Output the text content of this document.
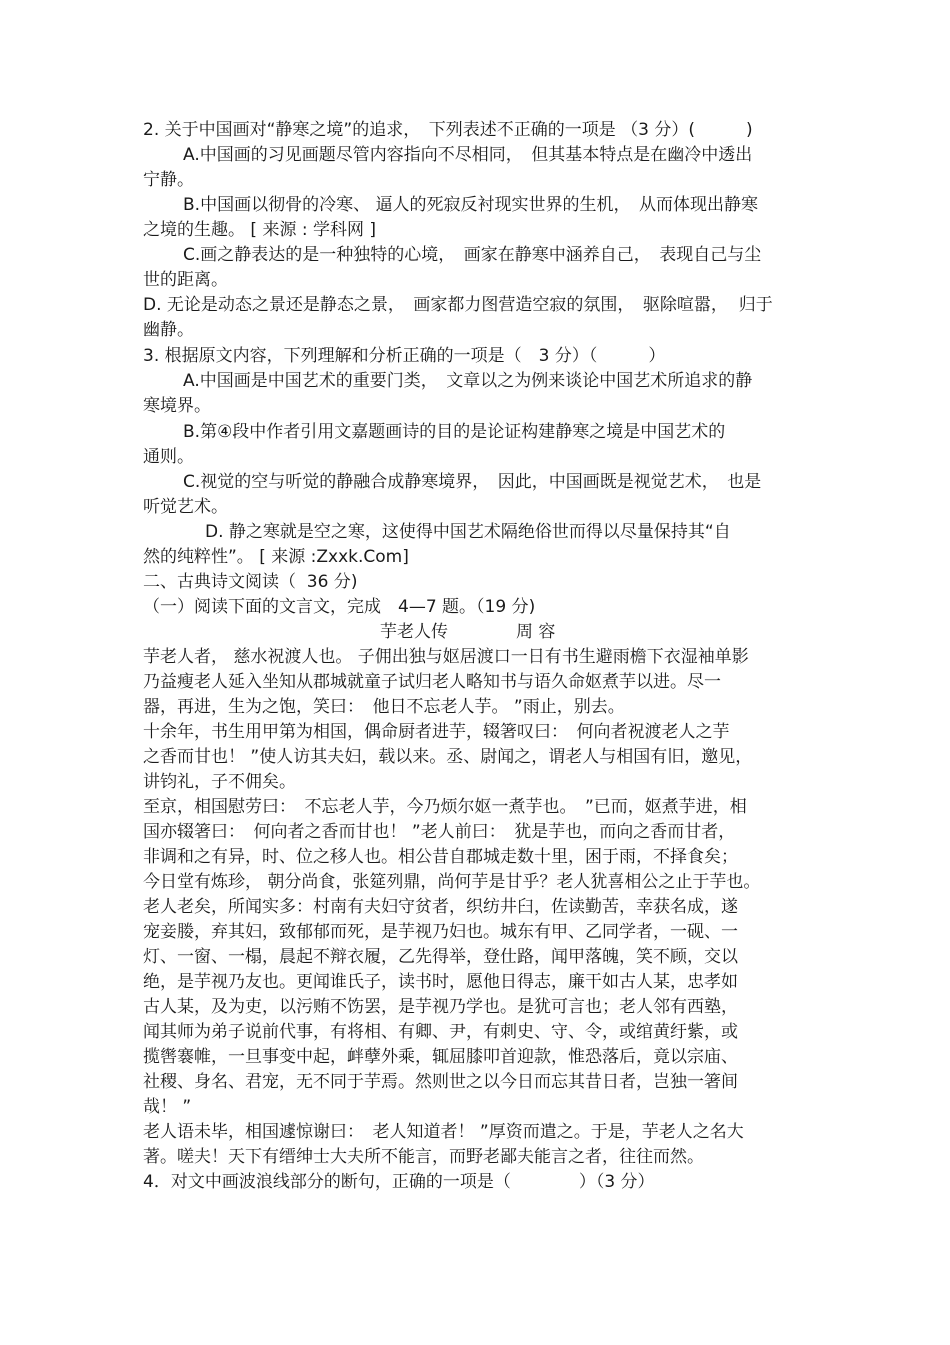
2. 关于中国画对“静寒之境”的追求，　下列表述不正确的一项是 （3 分）(　　　)
A.中国画的习见画题尽管内容指向不尽相同，　但其基本特点是在幽冷中透出
宁静。
B.中国画以彻骨的冷寒、 逼人的死寂反衬现实世界的生机，　从而体现出静寒
之境的生趣。 [ 来源 : 学科网 ]
C.画之静表达的是一种独特的心境，　画家在静寒中涵养自己，　表现自己与尘
世的距离。
D. 无论是动态之景还是静态之景，　画家都力图营造空寂的氛围，　驱除喧嚣，  归于
幽静。
3. 根据原文内容，下列理解和分析正确的一项是（　3 分）（　　　）
A.中国画是中国艺术的重要门类，　文章以之为例来谈论中国艺术所追求的静
寒境界。
B.第④段中作者引用文嘉题画诗的目的是论证构建静寒之境是中国艺术的
通则。
C.视觉的空与听觉的静融合成静寒境界，　因此，中国画既是视觉艺术，　也是
听觉艺术。
D. 静之寒就是空之寒，这使得中国艺术隔绝俗世而得以尽量保持其“自
然的纯粹性”。 [ 来源 :Zxxk.Com]
二、古典诗文阅读（  36 分)
（一）阅读下面的文言文，完成　4—7 题。（19 分)
芋老人传　　　　周 容
芋老人者， 慈水祝渡人也。 子佣出独与妪居渡口一日有书生避雨檐下衣湿袖单影
乃益瘦老人延入坐知从郡城就童子试归老人略知书与语久命妪煮芋以进。尽一
器，再进，生为之饱，笑曰：　他日不忘老人芋。 ”雨止，别去。
十余年，书生用甲第为相国，偶命厨者进芋，辍箸叹曰：　何向者祝渡老人之芋
之香而甘也！ ”使人访其夫妇，载以来。丞、尉闻之，谓老人与相国有旧，邀见，
讲钧礼，子不佣矣。
至京，相国慰劳曰：　不忘老人芋，今乃烦尔妪一煮芋也。　”已而，妪煮芋进，相
国亦辍箸曰：　何向者之香而甘也！ ”老人前曰：　犹是芋也，而向之香而甘者，
非调和之有异，时、位之移人也。相公昔自郡城走数十里，困于雨，不择食矣；
今日堂有炼珍， 朝分尚食，张筵列鼎，尚何芋是甘乎？老人犹喜相公之止于芋也。
老人老矣，所闻实多：村南有夫妇守贫者，织纺井臼，佐读勤苦，幸获名成，遂
宠妾媵，弃其妇，致郁郁而死，是芋视乃妇也。城东有甲、乙同学者，一砚、一
灯、一窗、一榻，晨起不辩衣履，乙先得举，登仕路，闻甲落魄，笑不顾，交以
绝，是芋视乃友也。更闻谁氏子，读书时，愿他日得志，廉干如古人某，忠孝如
古人某，及为吏，以污贿不饬罢，是芋视乃学也。是犹可言也；老人邻有西塾，
闻其师为弟子说前代事，有将相、有卿、尹，有刺史、守、令，或绾黄纡紫，或
揽辔褰帷，一旦事变中起，衅孽外乘，辄屈膝叩首迎款，惟恐落后，竟以宗庙、
社稷、身名、君宠，无不同于芋焉。然则世之以今日而忘其昔日者，岂独一箸间
哉！ ”
老人语未毕，相国遽惊谢曰：　老人知道者！ ”厚资而遣之。于是，芋老人之名大
著。嗟夫！天下有缙绅士大夫所不能言，而野老鄙夫能言之者，往往而然。
4．对文中画波浪线部分的断句，正确的一项是（　　　　）（3 分）
